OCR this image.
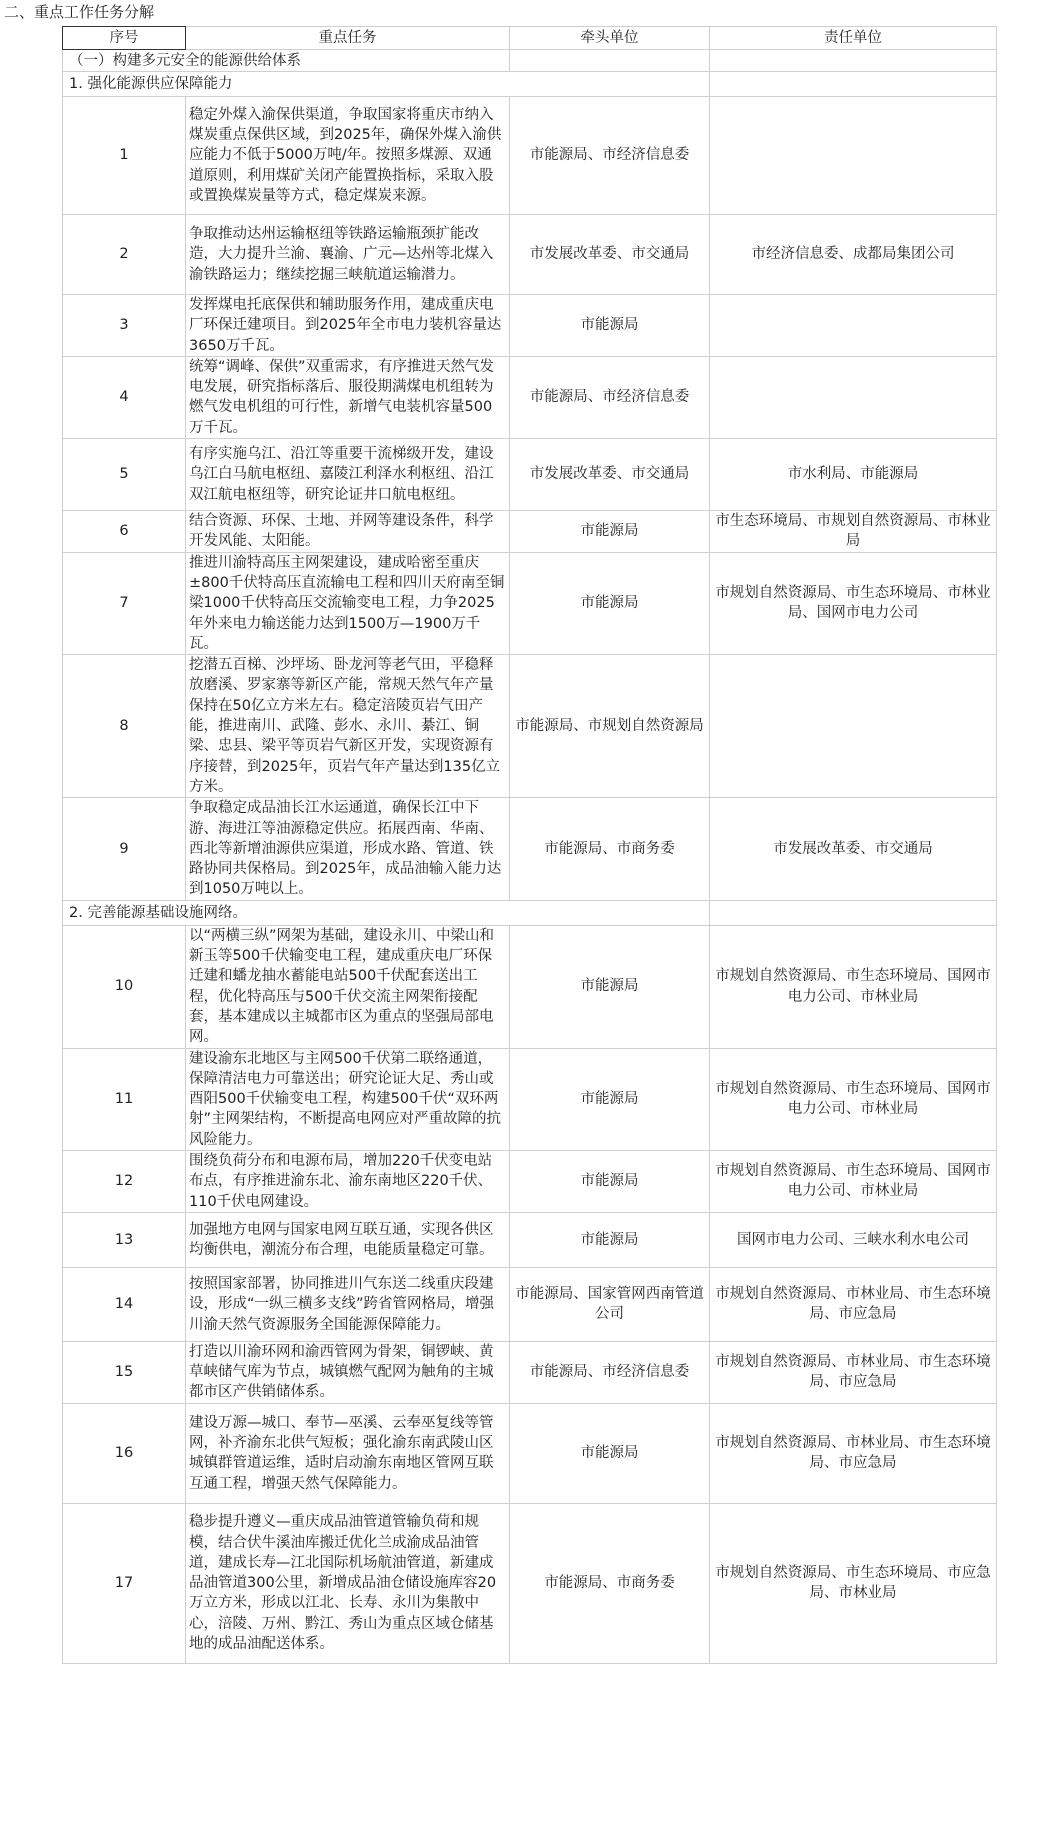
二、重点工作任务分解
序号	重点任务	牵头单位	责任单位
（一）构建多元安全的能源供给体系			
1. 强化能源供应保障能力			
1	稳定外煤入渝保供渠道，争取国家将重庆市纳入煤炭重点保供区域，到2025年，确保外煤入渝供应能力不低于5000万吨/年。按照多煤源、双通道原则，利用煤矿关闭产能置换指标，采取入股或置换煤炭量等方式，稳定煤炭来源。	市能源局、市经济信息委	
2	争取推动达州运输枢纽等铁路运输瓶颈扩能改造，大力提升兰渝、襄渝、广元—达州等北煤入渝铁路运力；继续挖掘三峡航道运输潜力。	市发展改革委、市交通局	市经济信息委、成都局集团公司
3	发挥煤电托底保供和辅助服务作用，建成重庆电厂环保迁建项目。到2025年全市电力装机容量达3650万千瓦。	市能源局	
4	统筹“调峰、保供”双重需求，有序推进天然气发电发展，研究指标落后、服役期满煤电机组转为燃气发电机组的可行性，新增气电装机容量500万千瓦。	市能源局、市经济信息委	
5	有序实施乌江、沿江等重要干流梯级开发，建设乌江白马航电枢纽、嘉陵江利泽水利枢纽、沿江双江航电枢纽等，研究论证井口航电枢纽。	市发展改革委、市交通局	市水利局、市能源局
6	结合资源、环保、土地、并网等建设条件，科学开发风能、太阳能。	市能源局	市生态环境局、市规划自然资源局、市林业局
7	推进川渝特高压主网架建设，建成哈密至重庆±800千伏特高压直流输电工程和四川天府南至铜梁1000千伏特高压交流输变电工程，力争2025年外来电力输送能力达到1500万—1900万千瓦。	市能源局	市规划自然资源局、市生态环境局、市林业局、国网市电力公司
8	挖潜五百梯、沙坪场、卧龙河等老气田，平稳释放磨溪、罗家寨等新区产能，常规天然气年产量保持在50亿立方米左右。稳定涪陵页岩气田产能，推进南川、武隆、彭水、永川、綦江、铜梁、忠县、梁平等页岩气新区开发，实现资源有序接替，到2025年，页岩气年产量达到135亿立方米。	市能源局、市规划自然资源局	
9	争取稳定成品油长江水运通道，确保长江中下游、海进江等油源稳定供应。拓展西南、华南、西北等新增油源供应渠道，形成水路、管道、铁路协同共保格局。到2025年，成品油输入能力达到1050万吨以上。	市能源局、市商务委	市发展改革委、市交通局
2. 完善能源基础设施网络。			
10	以“两横三纵”网架为基础，建设永川、中梁山和新玉等500千伏输变电工程，建成重庆电厂环保迁建和蟠龙抽水蓄能电站500千伏配套送出工程，优化特高压与500千伏交流主网架衔接配套，基本建成以主城都市区为重点的坚强局部电网。	市能源局	市规划自然资源局、市生态环境局、国网市电力公司、市林业局
11	建设渝东北地区与主网500千伏第二联络通道，保障清洁电力可靠送出；研究论证大足、秀山或酉阳500千伏输变电工程，构建500千伏“双环两射”主网架结构，不断提高电网应对严重故障的抗风险能力。	市能源局	市规划自然资源局、市生态环境局、国网市电力公司、市林业局
12	围绕负荷分布和电源布局，增加220千伏变电站布点，有序推进渝东北、渝东南地区220千伏、110千伏电网建设。	市能源局	市规划自然资源局、市生态环境局、国网市电力公司、市林业局
13	加强地方电网与国家电网互联互通，实现各供区均衡供电，潮流分布合理，电能质量稳定可靠。	市能源局	国网市电力公司、三峡水利水电公司
14	按照国家部署，协同推进川气东送二线重庆段建设，形成“一纵三横多支线”跨省管网格局，增强川渝天然气资源服务全国能源保障能力。	市能源局、国家管网西南管道公司	市规划自然资源局、市林业局、市生态环境局、市应急局
15	打造以川渝环网和渝西管网为骨架，铜锣峡、黄草峡储气库为节点，城镇燃气配网为触角的主城都市区产供销储体系。	市能源局、市经济信息委	市规划自然资源局、市林业局、市生态环境局、市应急局
16	建设万源—城口、奉节—巫溪、云奉巫复线等管网，补齐渝东北供气短板；强化渝东南武陵山区城镇群管道运维，适时启动渝东南地区管网互联互通工程，增强天然气保障能力。	市能源局	市规划自然资源局、市林业局、市生态环境局、市应急局
17	稳步提升遵义—重庆成品油管道管输负荷和规模，结合伏牛溪油库搬迁优化兰成渝成品油管道，建成长寿—江北国际机场航油管道，新建成品油管道300公里，新增成品油仓储设施库容20万立方米，形成以江北、长寿、永川为集散中心，涪陵、万州、黔江、秀山为重点区域仓储基地的成品油配送体系。	市能源局、市商务委	市规划自然资源局、市生态环境局、市应急局、市林业局
